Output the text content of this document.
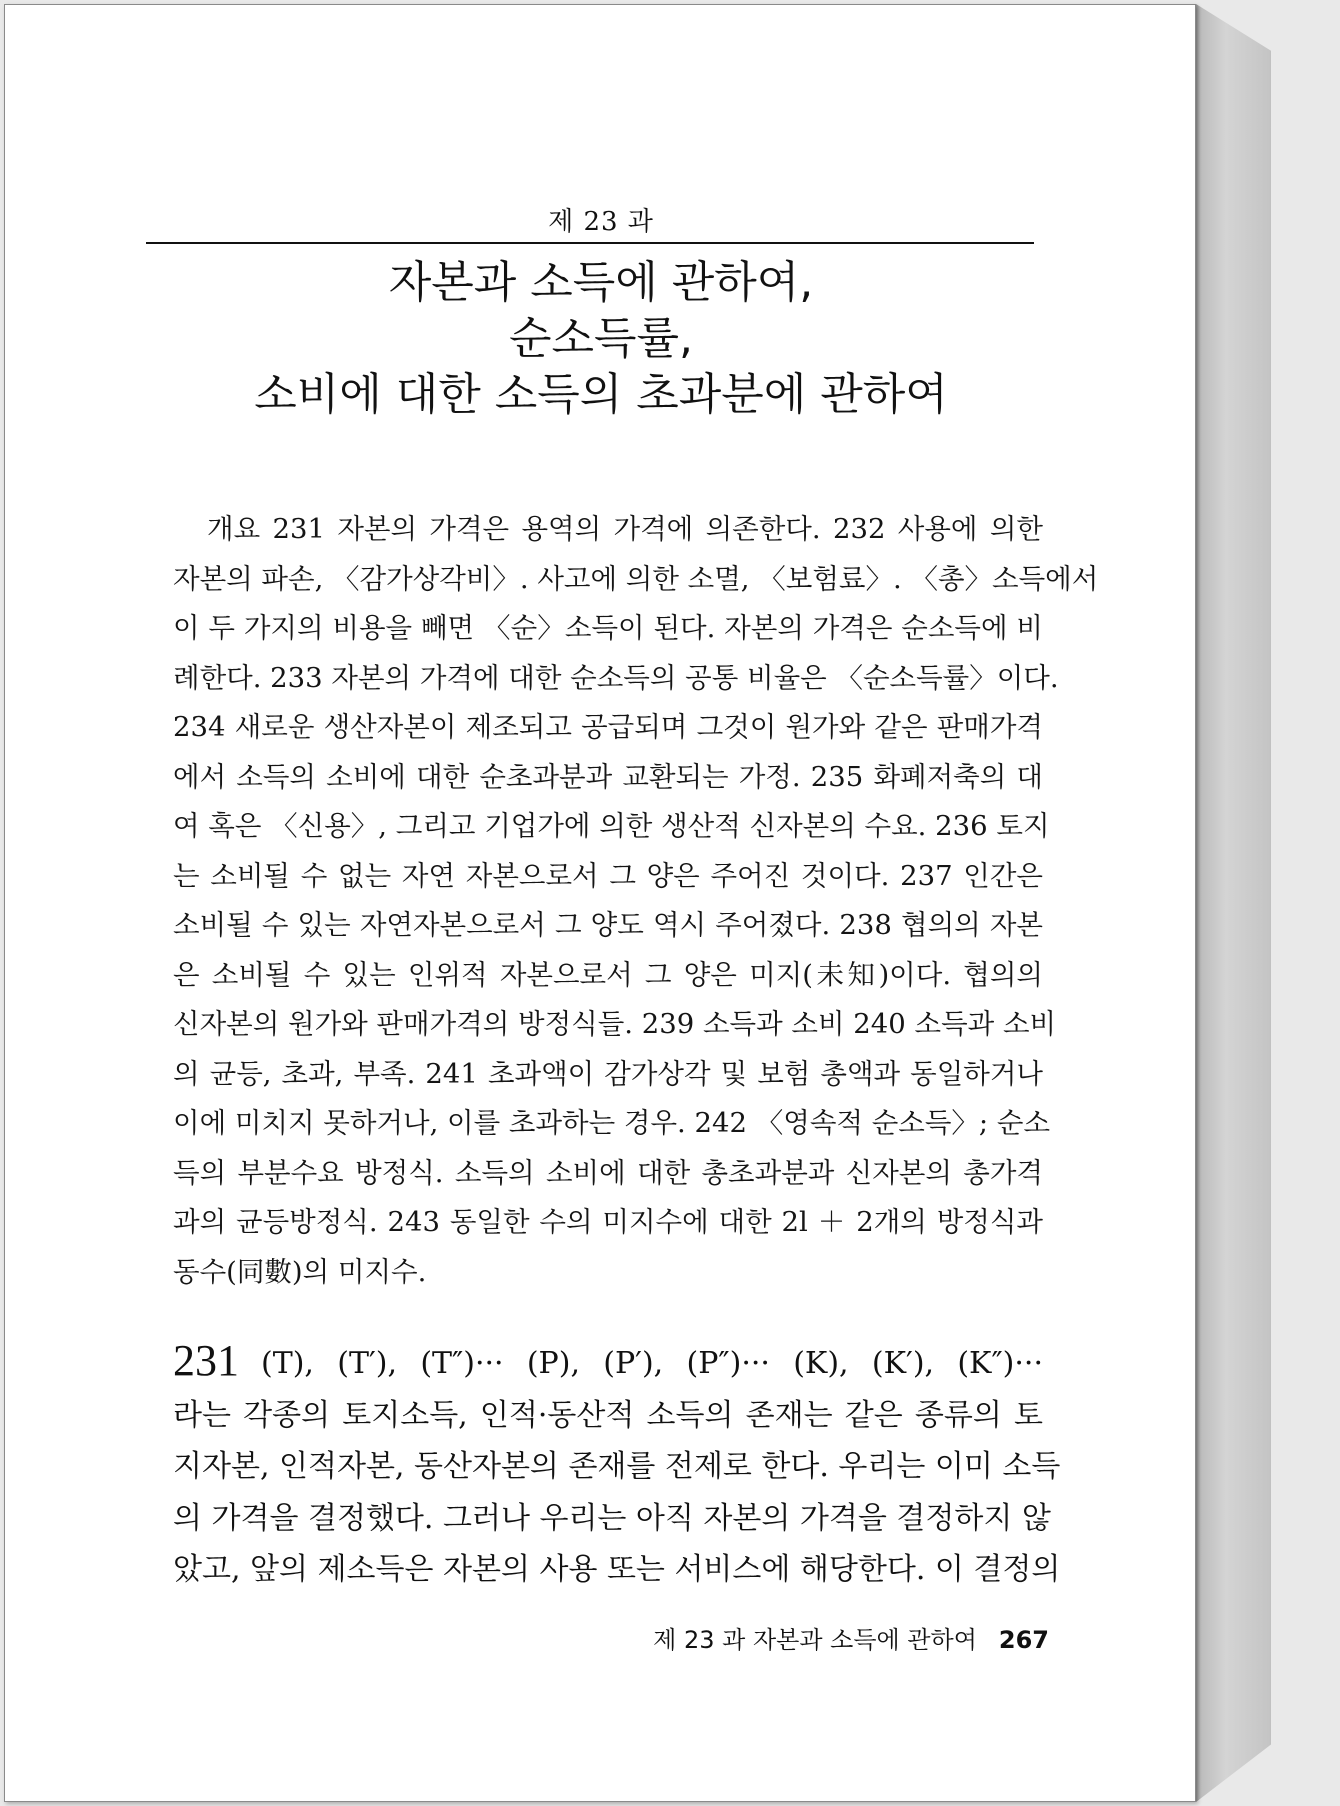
제 23 과
자본과 소득에 관하여,
순소득률,
소비에 대한 소득의 초과분에 관하여
개요 231 자본의 가격은 용역의 가격에 의존한다. 232 사용에 의한
자본의 파손, 〈감가상각비〉. 사고에 의한 소멸, 〈보험료〉. 〈총〉소득에서
이 두 가지의 비용을 빼면 〈순〉소득이 된다. 자본의 가격은 순소득에 비
례한다. 233 자본의 가격에 대한 순소득의 공통 비율은 〈순소득률〉이다.
234 새로운 생산자본이 제조되고 공급되며 그것이 원가와 같은 판매가격
에서 소득의 소비에 대한 순초과분과 교환되는 가정. 235 화폐저축의 대
여 혹은 〈신용〉, 그리고 기업가에 의한 생산적 신자본의 수요. 236 토지
는 소비될 수 없는 자연 자본으로서 그 양은 주어진 것이다. 237 인간은
소비될 수 있는 자연자본으로서 그 양도 역시 주어졌다. 238 협의의 자본
은 소비될 수 있는 인위적 자본으로서 그 양은 미지(未知)이다. 협의의
신자본의 원가와 판매가격의 방정식들. 239 소득과 소비 240 소득과 소비
의 균등, 초과, 부족. 241 초과액이 감가상각 및 보험 총액과 동일하거나
이에 미치지 못하거나, 이를 초과하는 경우. 242 〈영속적 순소득〉; 순소
득의 부분수요 방정식. 소득의 소비에 대한 총초과분과 신자본의 총가격
과의 균등방정식. 243 동일한 수의 미지수에 대한 2l ＋ 2개의 방정식과
동수(同數)의 미지수.
231 (T), (T′), (T″)··· (P), (P′), (P″)··· (K), (K′), (K″)···
라는 각종의 토지소득, 인적·동산적 소득의 존재는 같은 종류의 토
지자본, 인적자본, 동산자본의 존재를 전제로 한다. 우리는 이미 소득
의 가격을 결정했다. 그러나 우리는 아직 자본의 가격을 결정하지 않
았고, 앞의 제소득은 자본의 사용 또는 서비스에 해당한다. 이 결정의
제 23 과 자본과 소득에 관하여 267
